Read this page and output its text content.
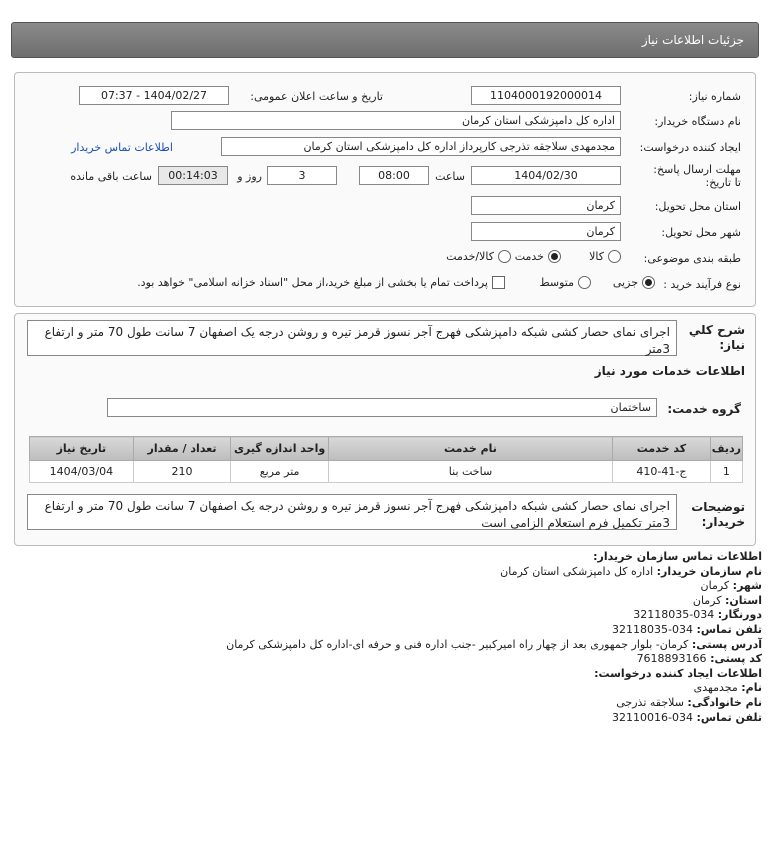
جزئیات اطلاعات نیاز
شماره نیاز:
1104000192000014
تاریخ و ساعت اعلان عمومی:
1404/02/27 - 07:37
نام دستگاه خریدار:
اداره کل دامپزشکی استان کرمان
ایجاد کننده درخواست:
مجدمهدی سلاجقه تذرجی کارپرداز اداره کل دامپزشکی استان کرمان
اطلاعات تماس خریدار
مهلت ارسال پاسخ: تا تاریخ:
1404/02/30
ساعت
08:00
3
روز و
00:14:03
ساعت باقی مانده
استان محل تحویل:
کرمان
شهر محل تحویل:
کرمان
طبقه بندی موضوعی:
کالا
خدمت
کالا/خدمت
نوع فرآیند خرید :
جزیی
متوسط
پرداخت تمام یا بخشی از مبلغ خرید،از محل "اسناد خزانه اسلامی" خواهد بود.
شرح کلي نياز:
اجرای نمای حصار کشی شبکه دامپزشکی فهرج آجر نسوز قرمز تیره و روشن درجه یک اصفهان 7 سانت طول 70 متر و ارتفاع 3متر
اطلاعات خدمات مورد نیاز
گروه خدمت:
ساختمان
ردیف	کد خدمت	نام خدمت	واحد اندازه گیری	تعداد / مقدار	تاریخ نیاز
1	ج-41-410	ساخت بنا	متر مربع	210	1404/03/04
توضیحات خریدار:
اجرای نمای حصار کشی شبکه دامپزشکی فهرج آجر نسوز قرمز تیره و روشن درجه یک اصفهان 7 سانت طول 70 متر و ارتفاع 3متر تکمیل فرم استعلام الزامی است
اطلاعات تماس سازمان خریدار:
نام سازمان خریدار: اداره کل دامپزشکی استان کرمان
شهر: کرمان
استان: کرمان
دورنگار: 034-32118035
تلفن تماس: 034-32118035
آدرس پستی: کرمان- بلوار جمهوری بعد از چهار راه امیرکبیر -جنب اداره فنی و حرفه ای-اداره کل دامپزشکی کرمان
کد پستی: 7618893166
اطلاعات ایجاد کننده درخواست:
نام: مجدمهدی
نام خانوادگی: سلاجقه تذرجی
تلفن تماس: 034-32110016
